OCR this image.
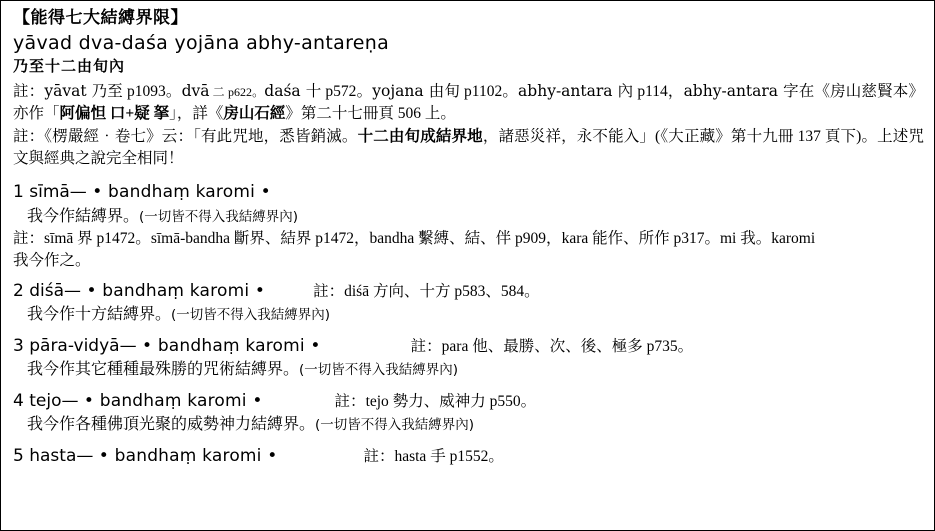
【能得七大結縛界限】
yāvad dva-daśa yojāna abhy-antareṇa
乃至十二由旬內
註：yāvat 乃至 p1093。dvā 二 p622。daśa 十 p572。yojana 由旬 p1102。abhy-antara 內 p114，abhy-antara 字在《房山慈賢本》亦作「阿偏怛 口+疑 拏」，詳《房山石經》第二十七冊頁 506 上。
註：《楞嚴經‧卷七》云：「有此咒地，悉皆銷滅。十二由旬成結界地，諸惡災祥，永不能入」(《大正藏》第十九冊 137 頁下)。上述咒文與經典之說完全相同！
1 sīmā— • bandhaṃ karomi •
我今作結縛界。(一切皆不得入我結縛界內)
註：sīmā 界 p1472。sīmā-bandha 斷界、結界 p1472，bandha 繫縛、結、伴 p909，kara 能作、所作 p317。mi 我。karomi
我今作之。
2 diśā— • bandhaṃ karomi •	註：diśā 方向、十方 p583、584。
我今作十方結縛界。(一切皆不得入我結縛界內)
3 pāra-vidyā— • bandhaṃ karomi •	註：para 他、最勝、次、後、極多 p735。
我今作其它種種最殊勝的咒術結縛界。(一切皆不得入我結縛界內)
4 tejo— • bandhaṃ karomi •	註：tejo 勢力、威神力 p550。
我今作各種佛頂光聚的威勢神力結縛界。(一切皆不得入我結縛界內)
5 hasta— • bandhaṃ karomi •	註：hasta 手 p1552。
